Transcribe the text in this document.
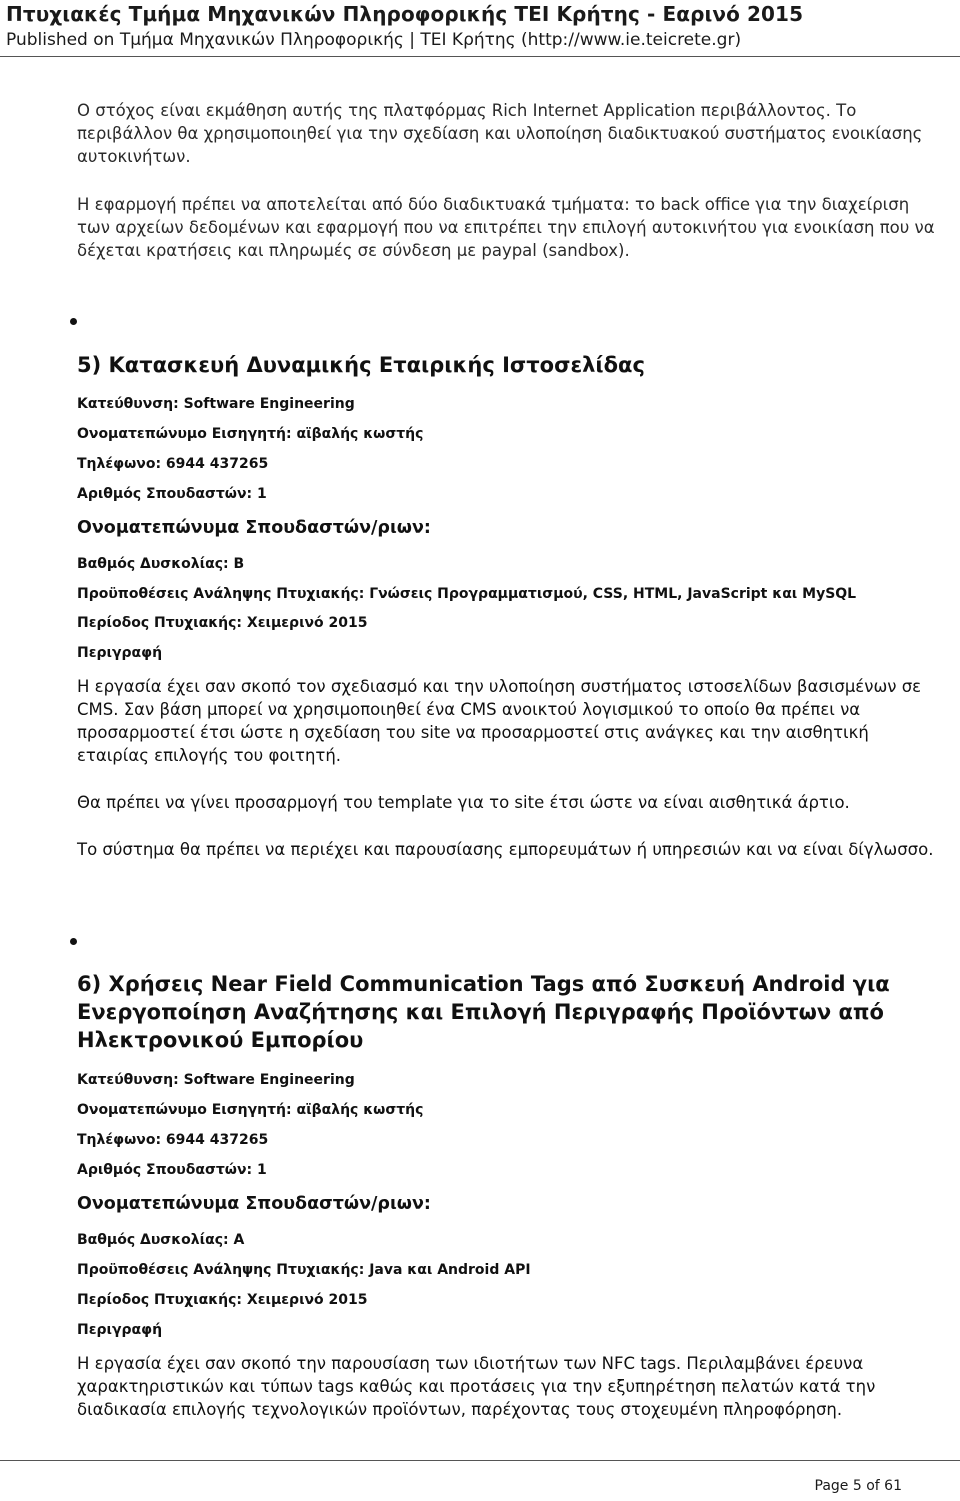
Πτυχιακές Τμήμα Μηχανικών Πληροφορικής ΤΕΙ Κρήτης - Εαρινό 2015
Published on Τμήμα Μηχανικών Πληροφορικής | ΤΕΙ Κρήτης (http://www.ie.teicrete.gr)

Ο στόχος είναι εκμάθηση αυτής της πλατφόρμας Rich Internet Application περιβάλλοντος. Το περιβάλλον θα χρησιμοποιηθεί για την σχεδίαση και υλοποίηση διαδικτυακού συστήματος ενοικίασης αυτοκινήτων.

Η εφαρμογή πρέπει να αποτελείται από δύο διαδικτυακά τμήματα: το back office για την διαχείριση των αρχείων δεδομένων και εφαρμογή που να επιτρέπει την επιλογή αυτοκινήτου για ενοικίαση που να δέχεται κρατήσεις και πληρωμές σε σύνδεση με paypal (sandbox).

5) Κατασκευή Δυναμικής Εταιρικής Ιστοσελίδας
Κατεύθυνση: Software Engineering
Ονοματεπώνυμο Εισηγητή: αϊβαλής κωστής
Τηλέφωνο: 6944 437265
Αριθμός Σπουδαστών: 1
Ονοματεπώνυμα Σπουδαστών/ριων:
Βαθμός Δυσκολίας: B
Προϋποθέσεις Ανάληψης Πτυχιακής: Γνώσεις Προγραμματισμού, CSS, HTML, JavaScript και MySQL
Περίοδος Πτυχιακής: Χειμερινό 2015
Περιγραφή

Η εργασία έχει σαν σκοπό τον σχεδιασμό και την υλοποίηση συστήματος ιστοσελίδων βασισμένων σε CMS. Σαν βάση μπορεί να χρησιμοποιηθεί ένα CMS ανοικτού λογισμικού το οποίο θα πρέπει να προσαρμοστεί έτσι ώστε η σχεδίαση του site να προσαρμοστεί στις ανάγκες και την αισθητική εταιρίας επιλογής του φοιτητή.

Θα πρέπει να γίνει προσαρμογή του template για το site έτσι ώστε να είναι αισθητικά άρτιο.

Το σύστημα θα πρέπει να περιέχει και παρουσίασης εμπορευμάτων ή υπηρεσιών και να είναι δίγλωσσο.

6) Χρήσεις Near Field Communication Tags από Συσκευή Android για Ενεργοποίηση Αναζήτησης και Επιλογή Περιγραφής Προϊόντων από Ηλεκτρονικού Εμπορίου
Κατεύθυνση: Software Engineering
Ονοματεπώνυμο Εισηγητή: αϊβαλής κωστής
Τηλέφωνο: 6944 437265
Αριθμός Σπουδαστών: 1
Ονοματεπώνυμα Σπουδαστών/ριων:
Βαθμός Δυσκολίας: A
Προϋποθέσεις Ανάληψης Πτυχιακής: Java και Android API
Περίοδος Πτυχιακής: Χειμερινό 2015
Περιγραφή

Η εργασία έχει σαν σκοπό την παρουσίαση των ιδιοτήτων των NFC tags. Περιλαμβάνει έρευνα χαρακτηριστικών και τύπων tags καθώς και προτάσεις για την εξυπηρέτηση πελατών κατά την διαδικασία επιλογής τεχνολογικών προϊόντων, παρέχοντας τους στοχευμένη πληροφόρηση.

Page 5 of 61
